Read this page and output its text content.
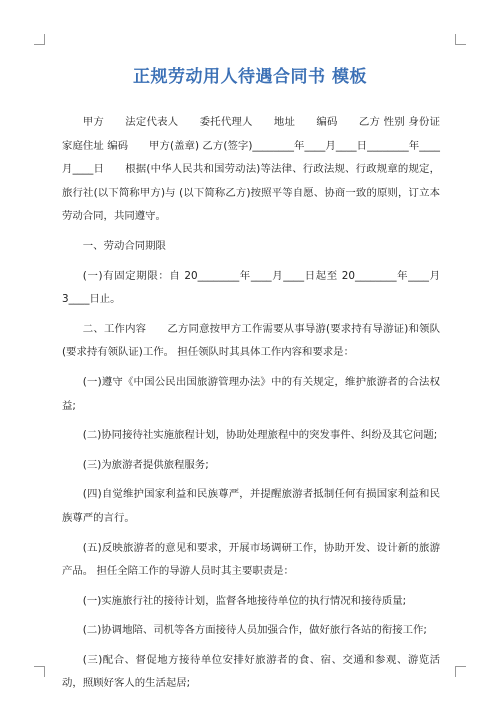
正规劳动用人待遇合同书 模板

甲方　　法定代表人　　委托代理人　　地址　　编码　　乙方 性别 身份证 家庭住址 编码　　甲方(盖章) 乙方(签字)________年____月____日________年____月____日　　根据(中华人民共和国劳动法)等法律、行政法规、行政规章的规定，旅行社(以下简称甲方)与 (以下简称乙方)按照平等自愿、协商一致的原则，订立本劳动合同，共同遵守。

一、劳动合同期限

(一)有固定期限：自 20________年____月____日起至 20________年____月3____日止。

二、工作内容　　乙方同意按甲方工作需要从事导游(要求持有导游证)和领队(要求持有领队证)工作。 担任领队时其具体工作内容和要求是：

(一)遵守《中国公民出国旅游管理办法》中的有关规定，维护旅游者的合法权益;

(二)协同接待社实施旅程计划，协助处理旅程中的突发事件、纠纷及其它问题;

(三)为旅游者提供旅程服务;

(四)自觉维护国家利益和民族尊严，并提醒旅游者抵制任何有损国家利益和民族尊严的言行。

(五)反映旅游者的意见和要求，开展市场调研工作，协助开发、设计新的旅游产品。 担任全陪工作的导游人员时其主要职责是：

(一)实施旅行社的接待计划，监督各地接待单位的执行情况和接待质量;

(二)协调地陪、司机等各方面接待人员加强合作，做好旅行各站的衔接工作;

(三)配合、督促地方接待单位安排好旅游者的食、宿、交通和参观、游览活动，照顾好客人的生活起居;
